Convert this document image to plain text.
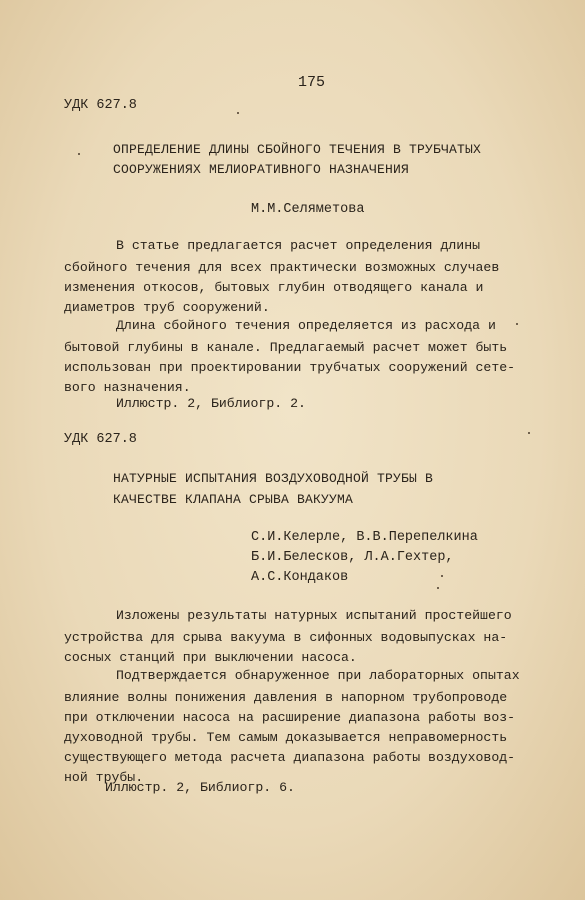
175

УДК 627.8

ОПРЕДЕЛЕНИЕ ДЛИНЫ СБОЙНОГО ТЕЧЕНИЯ В ТРУБЧАТЫХ

СООРУЖЕНИЯХ МЕЛИОРАТИВНОГО НАЗНАЧЕНИЯ

М.М.Селяметова

В статье предлагается расчет определения длины

сбойного течения для всех практически возможных случаев

изменения откосов, бытовых глубин отводящего канала и

диаметров труб сооружений.

Длина сбойного течения определяется из расхода и

бытовой глубины в канале. Предлагаемый расчет может быть

использован при проектировании трубчатых сооружений сете-

вого назначения.

Иллюстр. 2, Библиогр. 2.

УДК 627.8

НАТУРНЫЕ ИСПЫТАНИЯ ВОЗДУХОВОДНОЙ ТРУБЫ В

КАЧЕСТВЕ КЛАПАНА СРЫВА ВАКУУМА

С.И.Келерле, В.В.Перепелкина

Б.И.Белесков, Л.А.Гехтер,

А.С.Кондаков

Изложены результаты натурных испытаний простейшего

устройства для срыва вакуума в сифонных водовыпусках на-

сосных станций при выключении насоса.

Подтверждается обнаруженное при лабораторных опытах

влияние волны понижения давления в напорном трубопроводе

при отключении насоса на расширение диапазона работы воз-

духоводной трубы. Тем самым доказывается неправомерность

существующего метода расчета диапазона работы воздуховод-

ной трубы.

Иллюстр. 2, Библиогр. 6.
